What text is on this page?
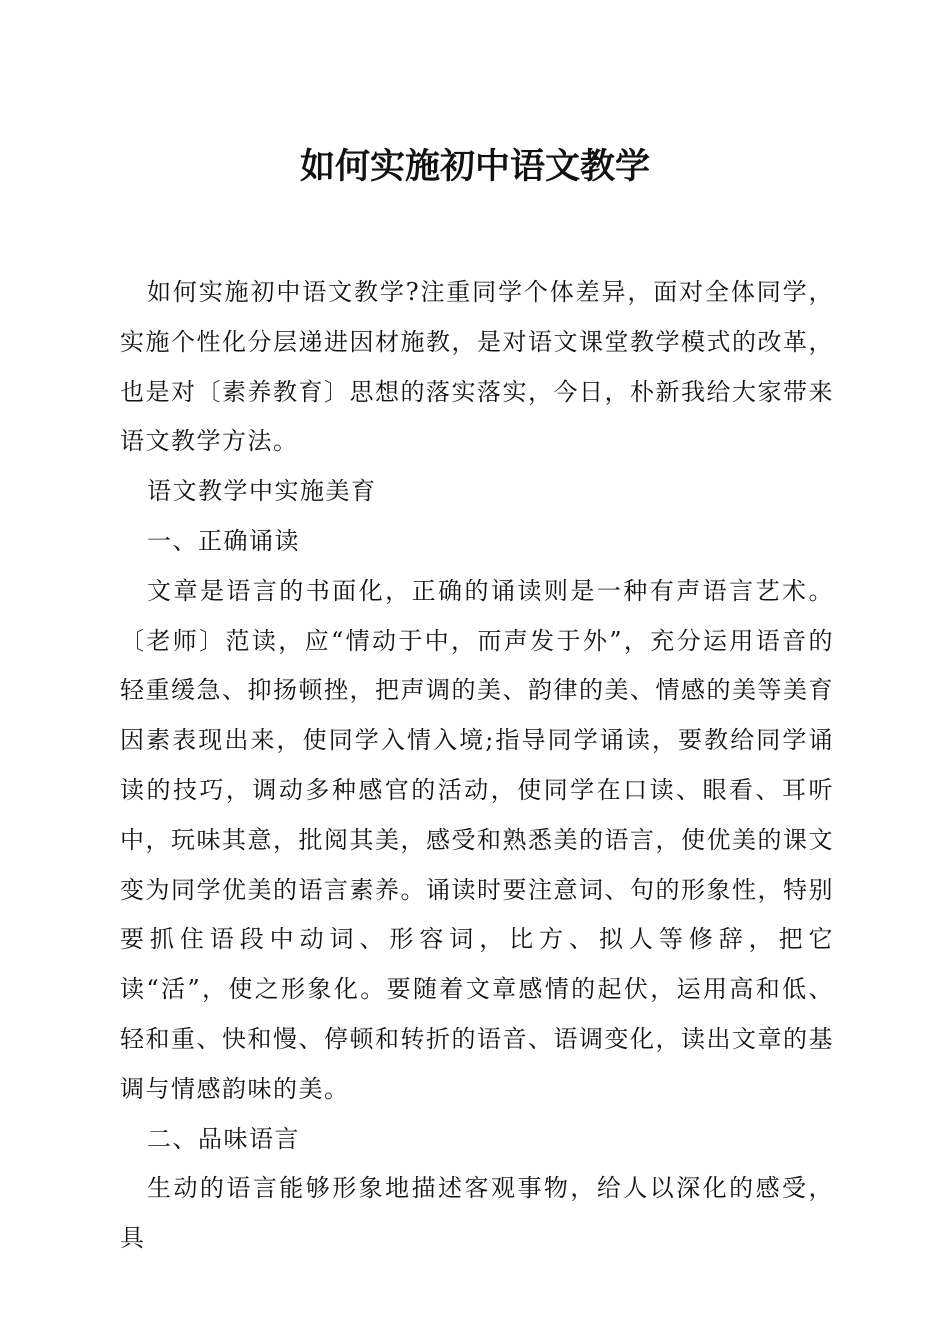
如何实施初中语文教学

如何实施初中语文教学?注重同学个体差异，面对全体同学，实施个性化分层递进因材施教，是对语文课堂教学模式的改革，也是对〔素养教育〕思想的落实落实，今日，朴新我给大家带来语文教学方法。

语文教学中实施美育

一、正确诵读

文章是语言的书面化，正确的诵读则是一种有声语言艺术。〔老师〕范读，应“情动于中，而声发于外”，充分运用语音的轻重缓急、抑扬顿挫，把声调的美、韵律的美、情感的美等美育因素表现出来，使同学入情入境;指导同学诵读，要教给同学诵读的技巧，调动多种感官的活动，使同学在口读、眼看、耳听中，玩味其意，批阅其美，感受和熟悉美的语言，使优美的课文变为同学优美的语言素养。诵读时要注意词、句的形象性，特别要抓住语段中动词、形容词，比方、拟人等修辞，把它读“活”，使之形象化。要随着文章感情的起伏，运用高和低、轻和重、快和慢、停顿和转折的语音、语调变化，读出文章的基调与情感韵味的美。

二、品味语言

生动的语言能够形象地描述客观事物，给人以深化的感受，具
